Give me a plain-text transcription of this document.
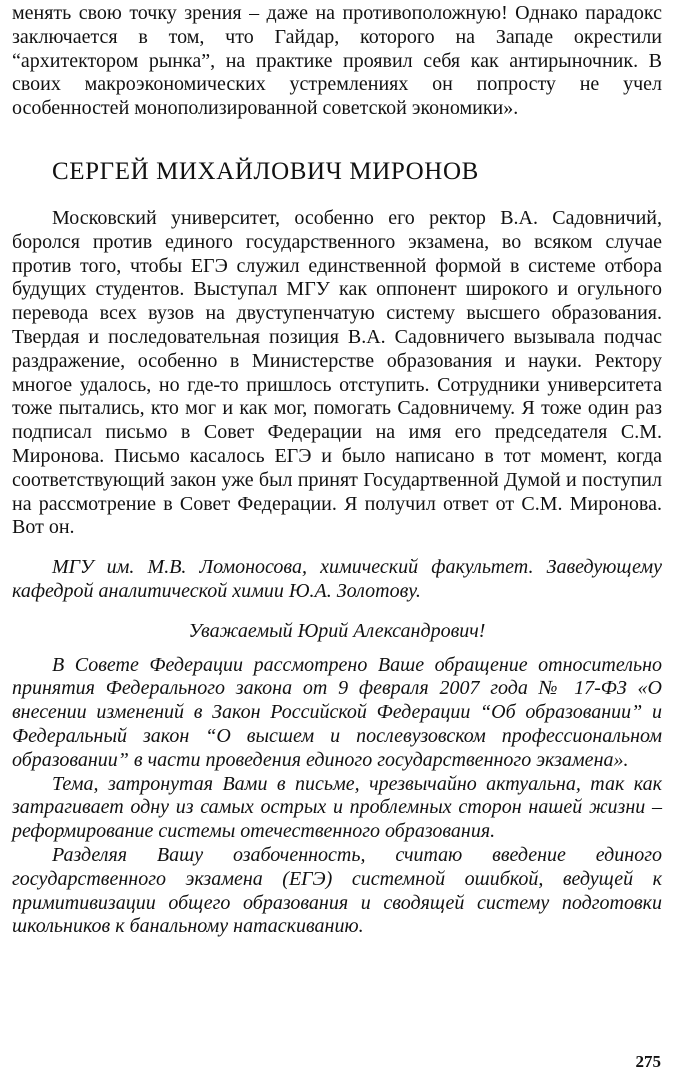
менять свою точку зрения – даже на противоположную! Однако парадокс заключается в том, что Гайдар, которого на Западе окрестили “архитектором рынка”, на практике проявил себя как антирыночник. В своих макроэкономических устремлениях он попросту не учел особенностей монополизированной советской экономики».

СЕРГЕЙ МИХАЙЛОВИЧ МИРОНОВ

Московский университет, особенно его ректор В.А. Садовничий, боролся против единого государственного экзамена, во всяком случае против того, чтобы ЕГЭ служил единственной формой в системе отбора будущих студентов. Выступал МГУ как оппонент широкого и огульного перевода всех вузов на двуступенчатую систему высшего образования. Твердая и последовательная позиция В.А. Садовничего вызывала подчас раздражение, особенно в Министерстве образования и науки. Ректору многое удалось, но где-то пришлось отступить. Сотрудники университета тоже пытались, кто мог и как мог, помогать Садовничему. Я тоже один раз подписал письмо в Совет Федерации на имя его председателя С.М. Миронова. Письмо касалось ЕГЭ и было написано в тот момент, когда соответствующий закон уже был принят Государтвенной Думой и поступил на рассмотрение в Совет Федерации. Я получил ответ от С.М. Миронова. Вот он.

МГУ им. М.В. Ломоносова, химический факультет. Заведующему кафедрой аналитической химии Ю.А. Золотову.

Уважаемый Юрий Александрович!

В Совете Федерации рассмотрено Ваше обращение относительно принятия Федерального закона от 9 февраля 2007 года № 17-ФЗ «О внесении изменений в Закон Российской Федерации “Об образовании” и Федеральный закон “О высшем и послевузовском профессиональном образовании” в части проведения единого государственного экзамена».

Тема, затронутая Вами в письме, чрезвычайно актуальна, так как затрагивает одну из самых острых и проблемных сторон нашей жизни – реформирование системы отечественного образования.

Разделяя Вашу озабоченность, считаю введение единого государственного экзамена (ЕГЭ) системной ошибкой, ведущей к примитивизации общего образования и сводящей систему подготовки школьников к банальному натаскиванию.

275
